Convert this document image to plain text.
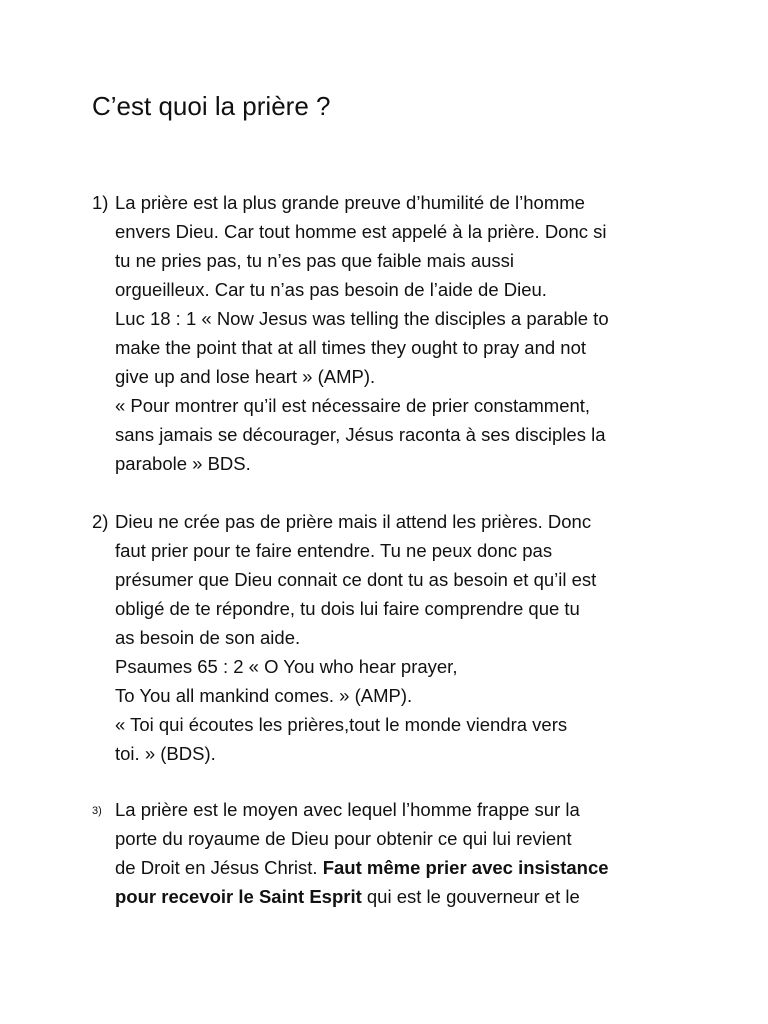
C’est quoi la prière ?
1) La prière est la plus grande preuve d’humilité de l’homme
envers Dieu. Car tout homme est appelé à la prière. Donc si
tu ne pries pas, tu n’es pas que faible mais aussi
orgueilleux. Car tu n’as pas besoin de l’aide de Dieu.
Luc 18 : 1 « Now Jesus was telling the disciples a parable to
make the point that at all times they ought to pray and not
give up and lose heart » (AMP).
« Pour montrer qu’il est nécessaire de prier constamment,
sans jamais se décourager, Jésus raconta à ses disciples la
parabole » BDS.
2) Dieu ne crée pas de prière mais il attend les prières. Donc
faut prier pour te faire entendre. Tu ne peux donc pas
présumer que Dieu connait ce dont tu as besoin et qu’il est
obligé de te répondre, tu dois lui faire comprendre que tu
as besoin de son aide.
Psaumes 65 : 2 « O You who hear prayer,
To You all mankind comes. » (AMP).
« Toi qui écoutes les prières,tout le monde viendra vers
toi. » (BDS).
3) La prière est le moyen avec lequel l’homme frappe sur la
porte du royaume de Dieu pour obtenir ce qui lui revient
de Droit en Jésus Christ. Faut même prier avec insistance
pour recevoir le Saint Esprit qui est le gouverneur et le
